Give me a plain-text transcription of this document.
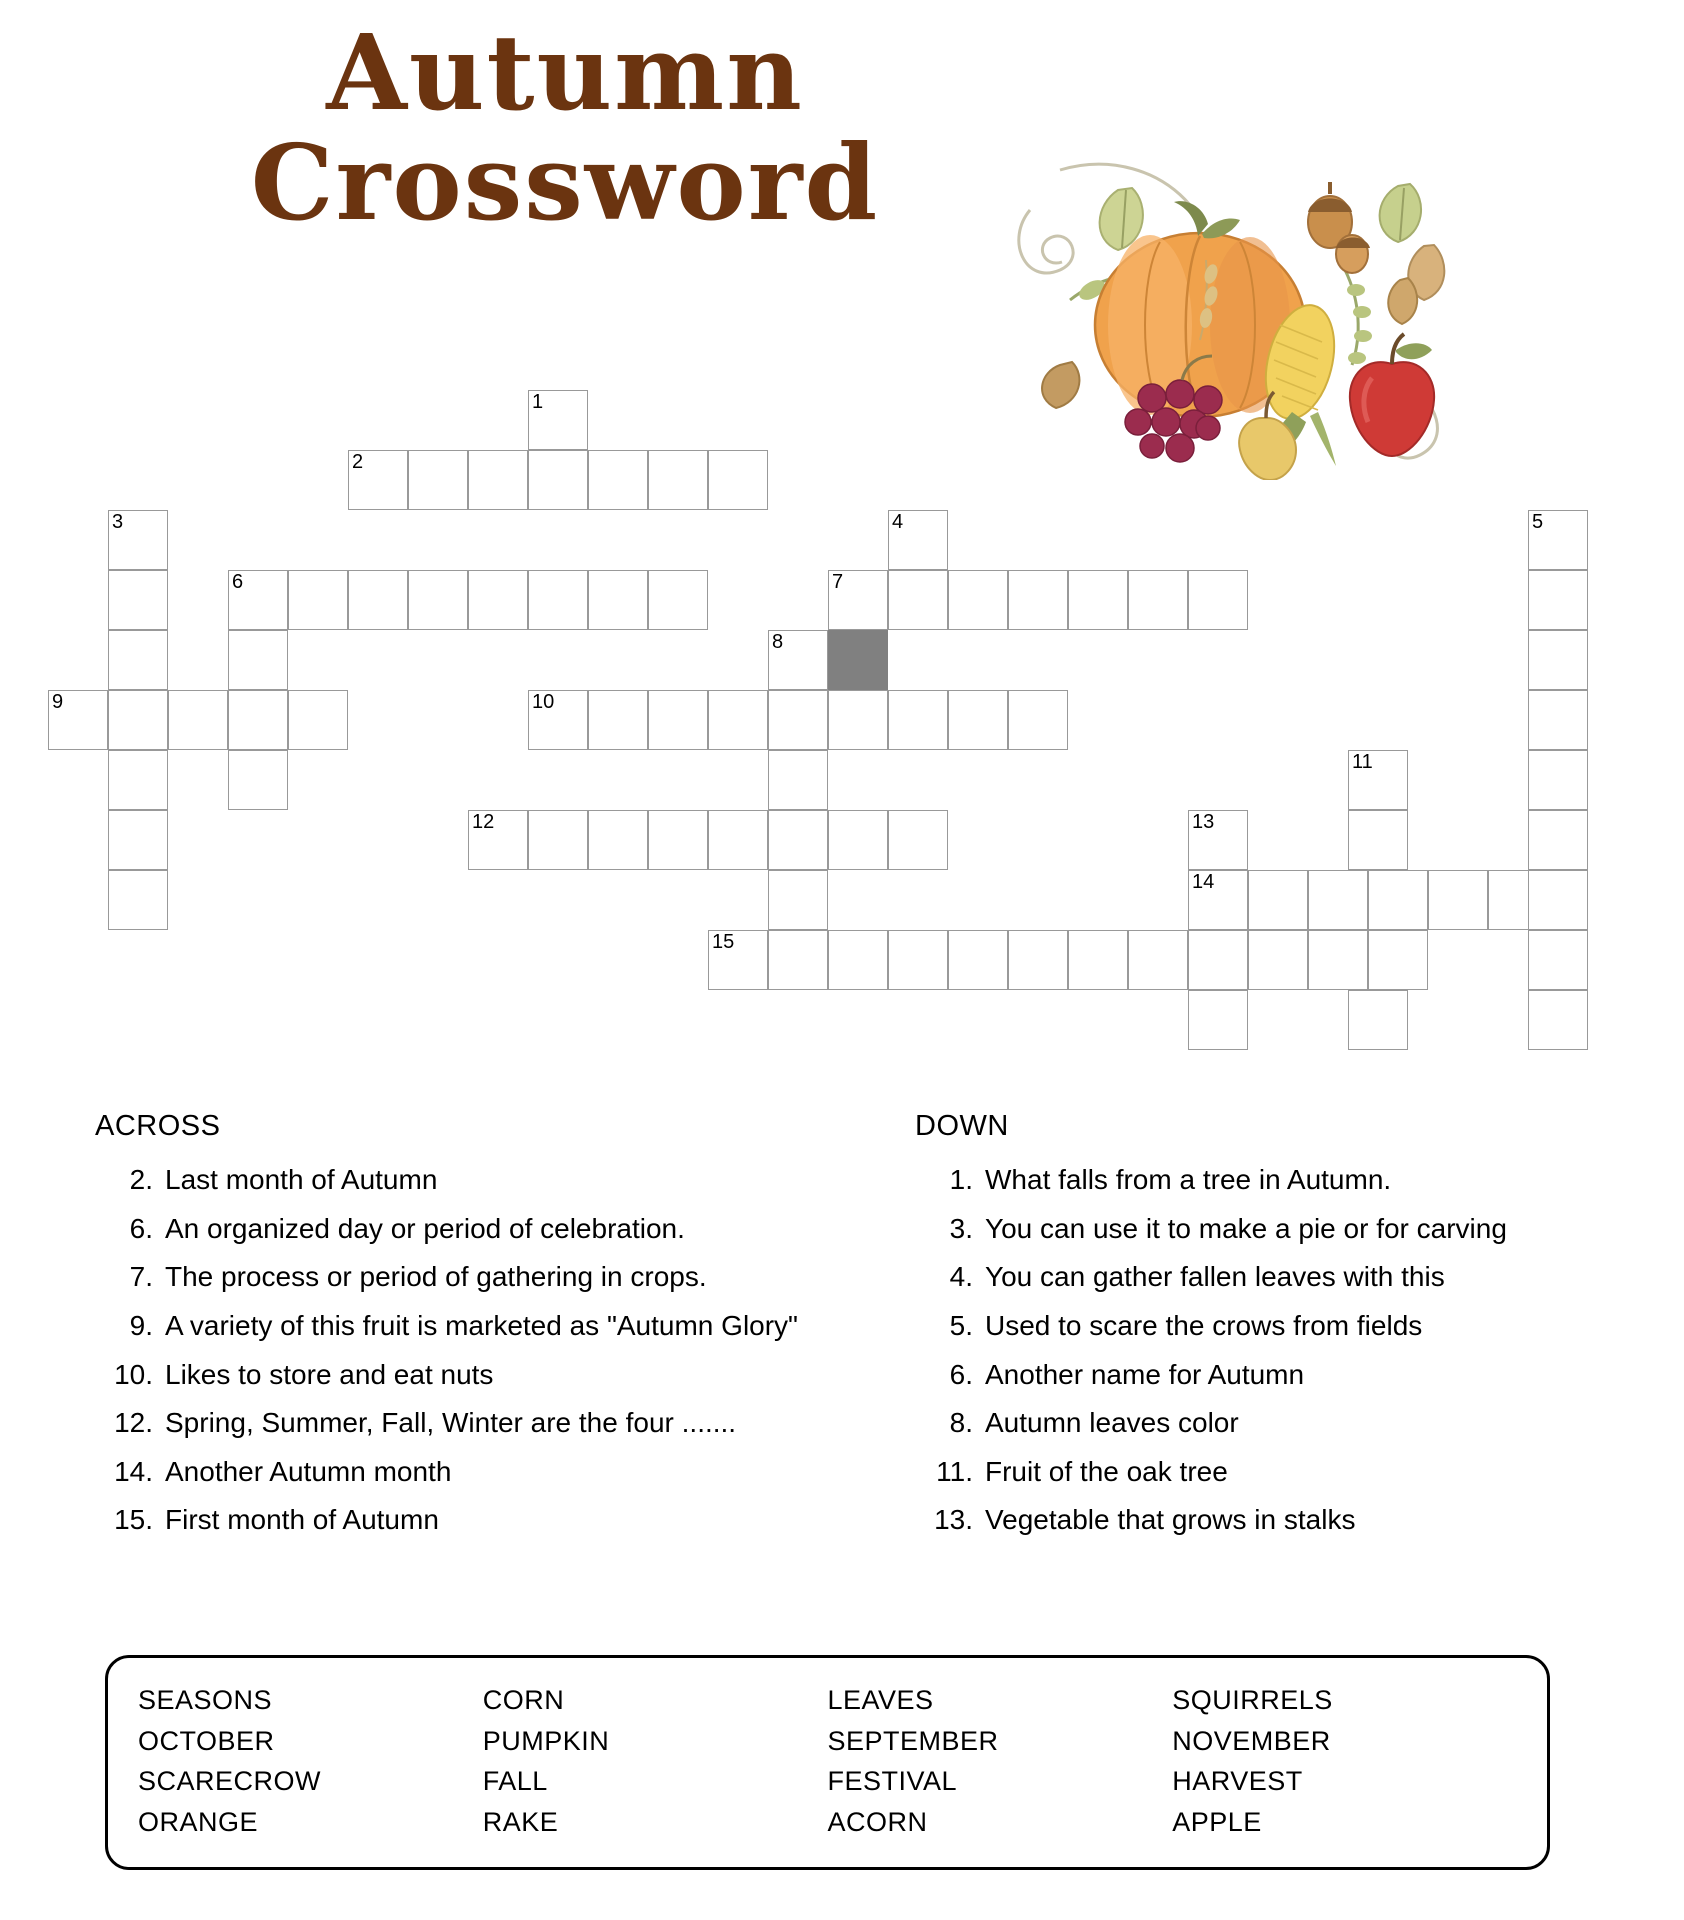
Autumn
Crossword
1
2
3	4	5
6	7
8
9	10
11
12	13
14
15
ACROSS
2. Last month of Autumn
6. An organized day or period of celebration.
7. The process or period of gathering in crops.
9. A variety of this fruit is marketed as "Autumn Glory"
10. Likes to store and eat nuts
12. Spring, Summer, Fall, Winter are the four .......
14. Another Autumn month
15. First month of Autumn
DOWN
1. What falls from a tree in Autumn.
3. You can use it to make a pie or for carving
4. You can gather fallen leaves with this
5. Used to scare the crows from fields
6. Another name for Autumn
8. Autumn leaves color
11. Fruit of the oak tree
13. Vegetable that grows in stalks
SEASONS
OCTOBER
SCARECROW
ORANGE
CORN
PUMPKIN
FALL
RAKE
LEAVES
SEPTEMBER
FESTIVAL
ACORN
SQUIRRELS
NOVEMBER
HARVEST
APPLE
